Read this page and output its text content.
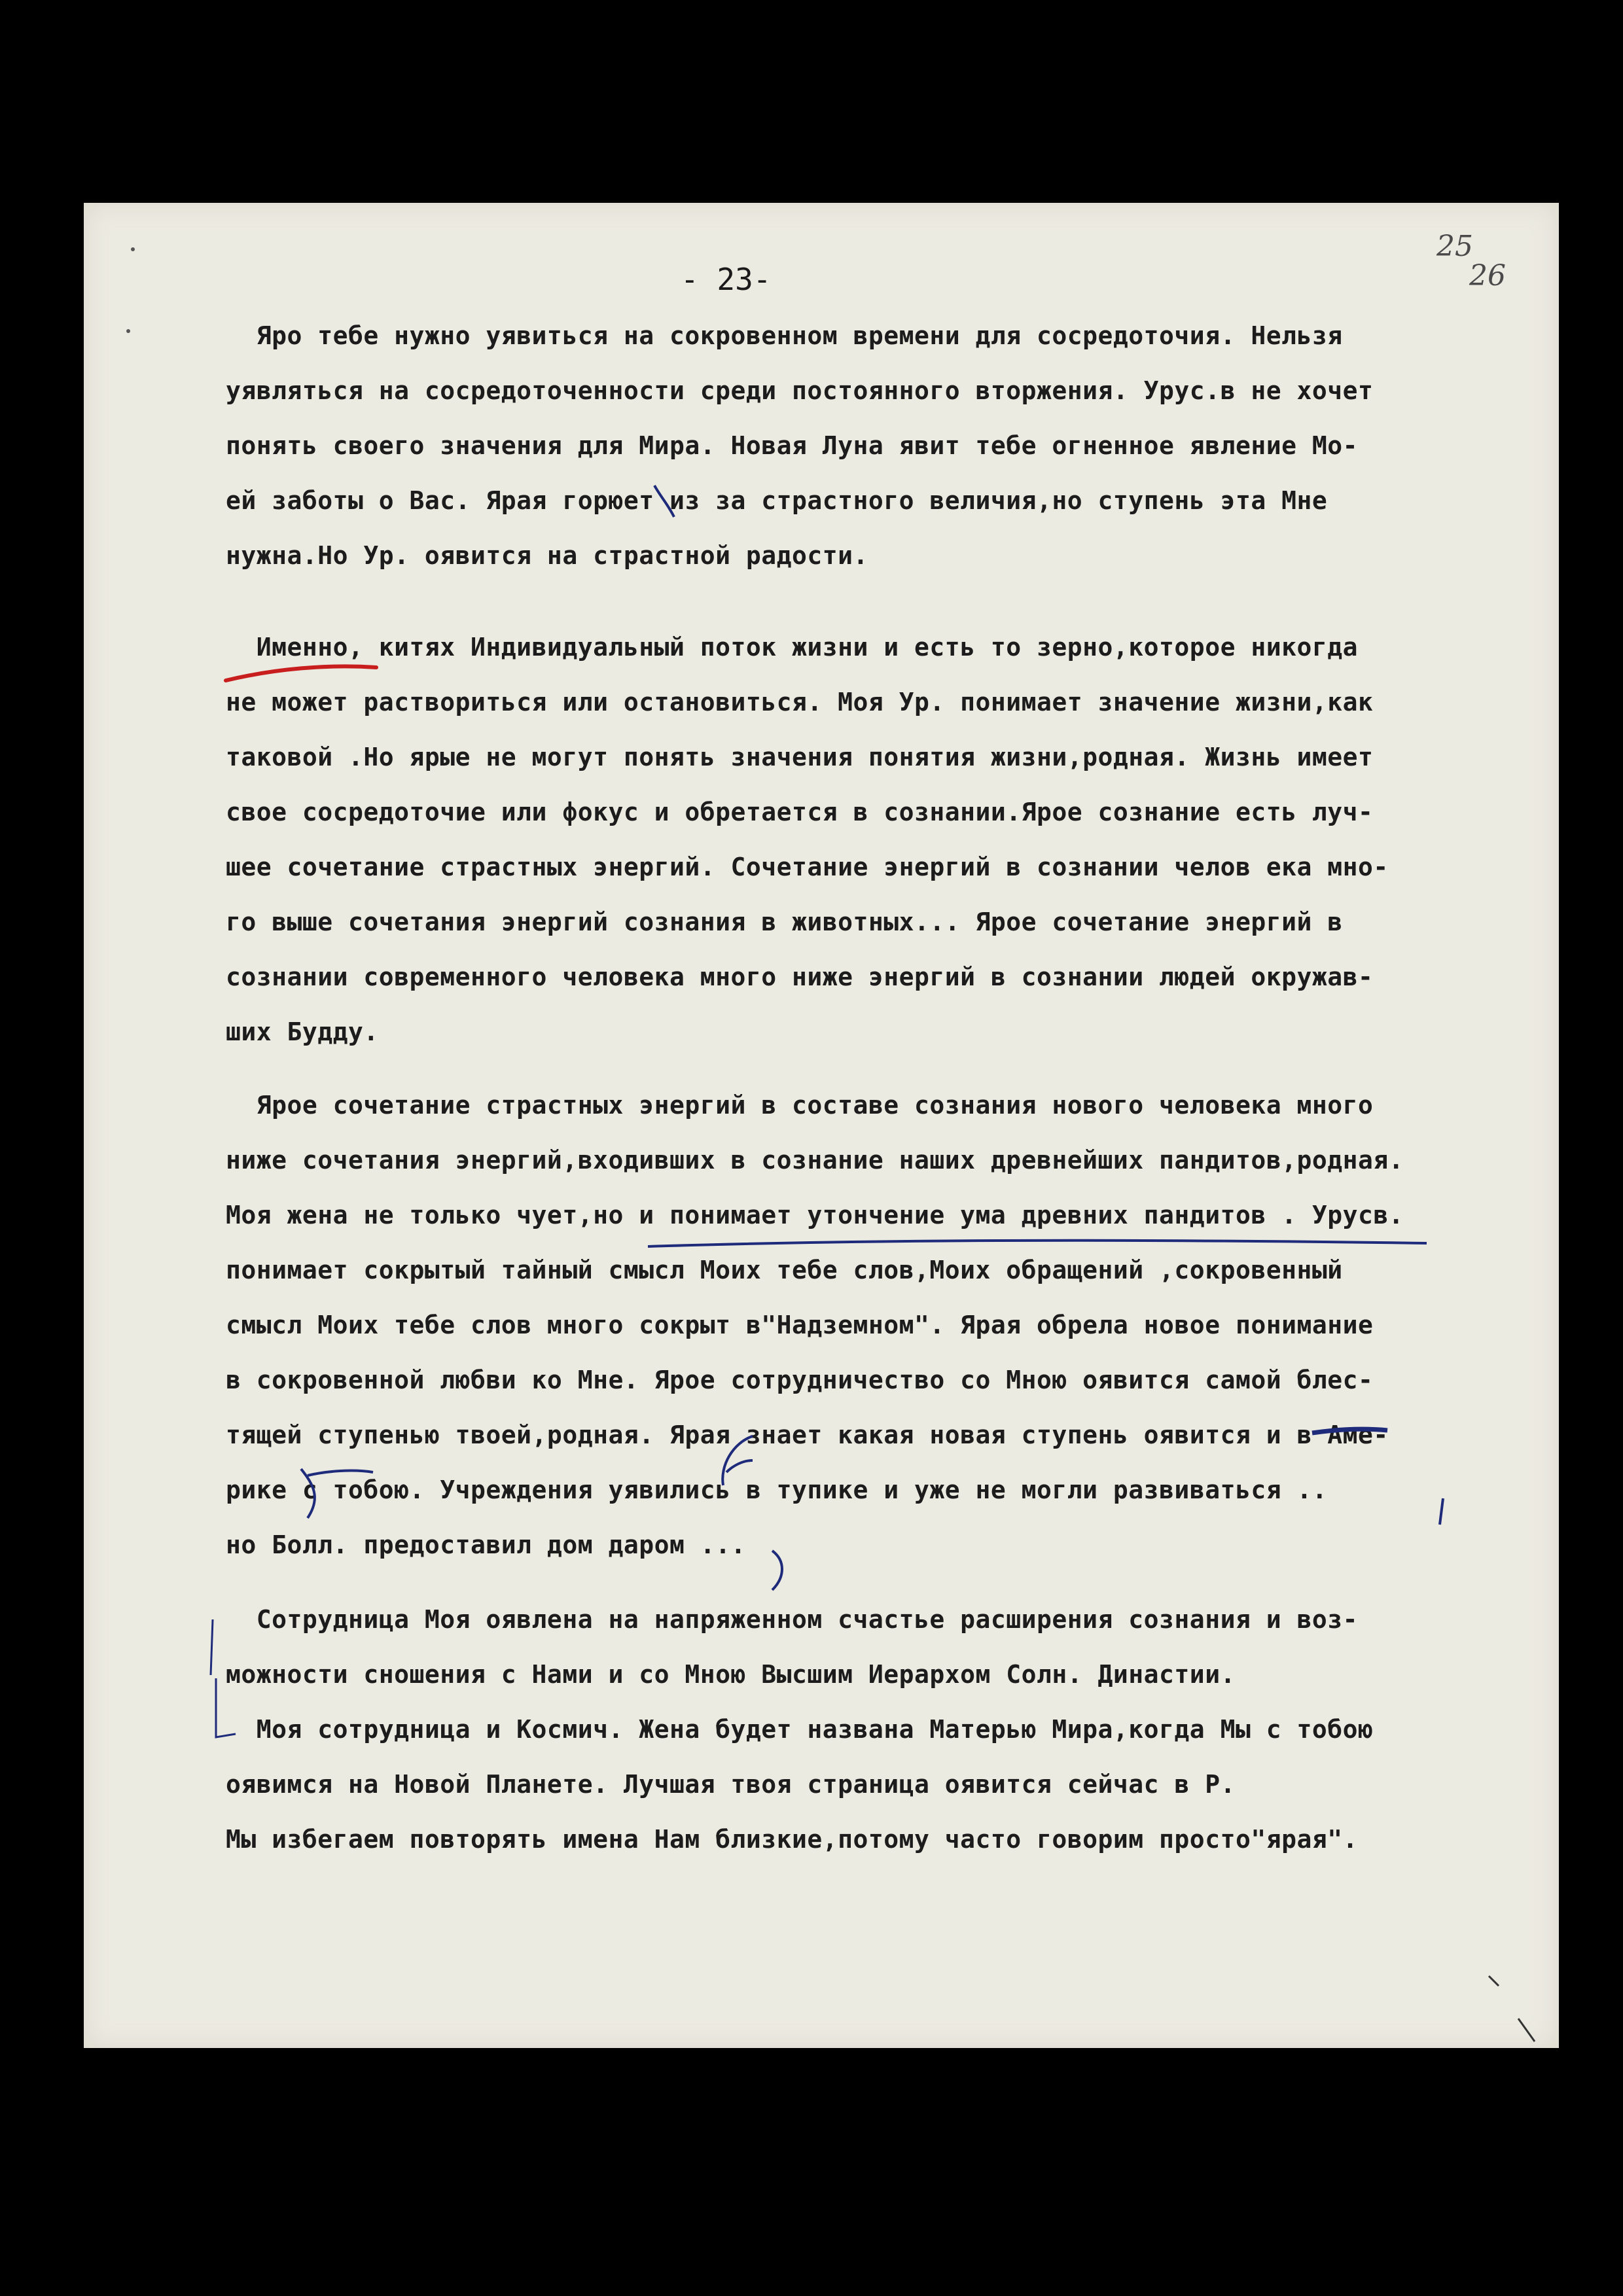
- 23-
25
26
Яро тебе нужно уявиться на сокровенном времени для сосредоточия. Нельзя
уявляться на сосредоточенности среди постоянного вторжения. Урус.в не хочет
понять своего значения для Мира. Новая Луна явит тебе огненное явление Мо-
ей заботы о Вас. Ярая горюет из за страстного величия,но ступень эта Мне
нужна.Но Ур. оявится на страстной радости.
Именно, китях Индивидуальный поток жизни и есть то зерно,которое никогда
не может раствориться или остановиться. Моя Ур. понимает значение жизни,как
таковой .Но ярые не могут понять значения понятия жизни,родная. Жизнь имеет
свое сосредоточие или фокус и обретается в сознании.Ярое сознание есть луч-
шее сочетание страстных энергий. Сочетание энергий в сознании челов ека мно-
го выше сочетания энергий сознания в животных... Ярое сочетание энергий в
сознании современного человека много ниже энергий в сознании людей окружав-
ших Будду.
Ярое сочетание страстных энергий в составе сознания нового человека много
ниже сочетания энергий,входивших в сознание наших древнейших пандитов,родная.
Моя жена не только чует,но и понимает утончение ума древних пандитов . Урусв.
понимает сокрытый тайный смысл Моих тебе слов,Моих обращений ,сокровенный
смысл Моих тебе слов много сокрыт в"Надземном". Ярая обрела новое понимание
в сокровенной любви ко Мне. Ярое сотрудничество со Мною оявится самой блес-
тящей ступенью твоей,родная. Ярая знает какая новая ступень оявится и в Аме-
рике с тобою. Учреждения уявились в тупике и уже не могли развиваться ..
но Болл. предоставил дом даром ...
Сотрудница Моя оявлена на напряженном счастье расширения сознания и воз-
можности сношения с Нами и со Мною Высшим Иерархом Солн. Династии.
Моя сотрудница и Космич. Жена будет названа Матерью Мира,когда Мы с тобою
оявимся на Новой Планете. Лучшая твоя страница оявится сейчас в Р.
Мы избегаем повторять имена Нам близкие,потому часто говорим просто"ярая".
